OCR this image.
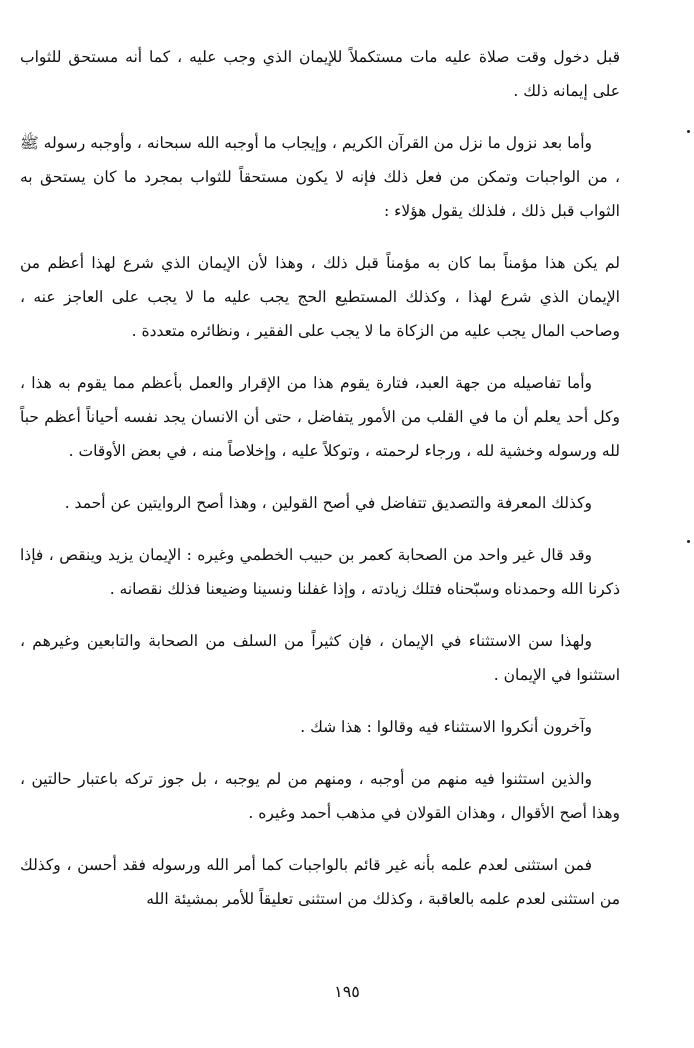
قبل دخول وقت صلاة عليه مات مستكملاً للإيمان الذي وجب عليه ، كما أنه مستحق للثواب على إيمانه ذلك .

وأما بعد نزول ما نزل من القرآن الكريم ، وإيجاب ما أوجبه الله سبحانه ، وأوجبه رسوله ﷺ ، من الواجبات وتمكن من فعل ذلك فإنه لا يكون مستحقاً للثواب بمجرد ما كان يستحق به الثواب قبل ذلك ، فلذلك يقول هؤلاء :

لم يكن هذا مؤمناً بما كان به مؤمناً قبل ذلك ، وهذا لأن الإيمان الذي شرع لهذا أعظم من الإيمان الذي شرع لهذا ، وكذلك المستطيع الحج يجب عليه ما لا يجب على العاجز عنه ، وصاحب المال يجب عليه من الزكاة ما لا يجب على الفقير ، ونظائره متعددة .

وأما تفاصيله من جهة العبد، فتارة يقوم هذا من الإقرار والعمل بأعظم مما يقوم به هذا ، وكل أحد يعلم أن ما في القلب من الأمور يتفاضل ، حتى أن الانسان يجد نفسه أحياناً أعظم حباً لله ورسوله وخشية لله ، ورجاء لرحمته ، وتوكلاً عليه ، وإخلاصاً منه ، في بعض الأوقات .

وكذلك المعرفة والتصديق تتفاضل في أصح القولين ، وهذا أصح الروايتين عن أحمد .

وقد قال غير واحد من الصحابة كعمر بن حبيب الخطمي وغيره : الإيمان يزيد وينقص ، فإذا ذكرنا الله وحمدناه وسبّحناه فتلك زيادته ، وإذا غفلنا ونسينا وضيعنا فذلك نقصانه .

ولهذا سن الاستثناء في الإيمان ، فإن كثيراً من السلف من الصحابة والتابعين وغيرهم ، استثنوا في الإيمان .

وآخرون أنكروا الاستثناء فيه وقالوا : هذا شك .

والذين استثنوا فيه منهم من أوجبه ، ومنهم من لم يوجبه ، بل جوز تركه باعتبار حالتين ، وهذا أصح الأقوال ، وهذان القولان في مذهب أحمد وغيره .

فمن استثنى لعدم علمه بأنه غير قائم بالواجبات كما أمر الله ورسوله فقد أحسن ، وكذلك من استثنى لعدم علمه بالعاقبة ، وكذلك من استثنى تعليقاً للأمر بمشيئة الله

١٩٥
